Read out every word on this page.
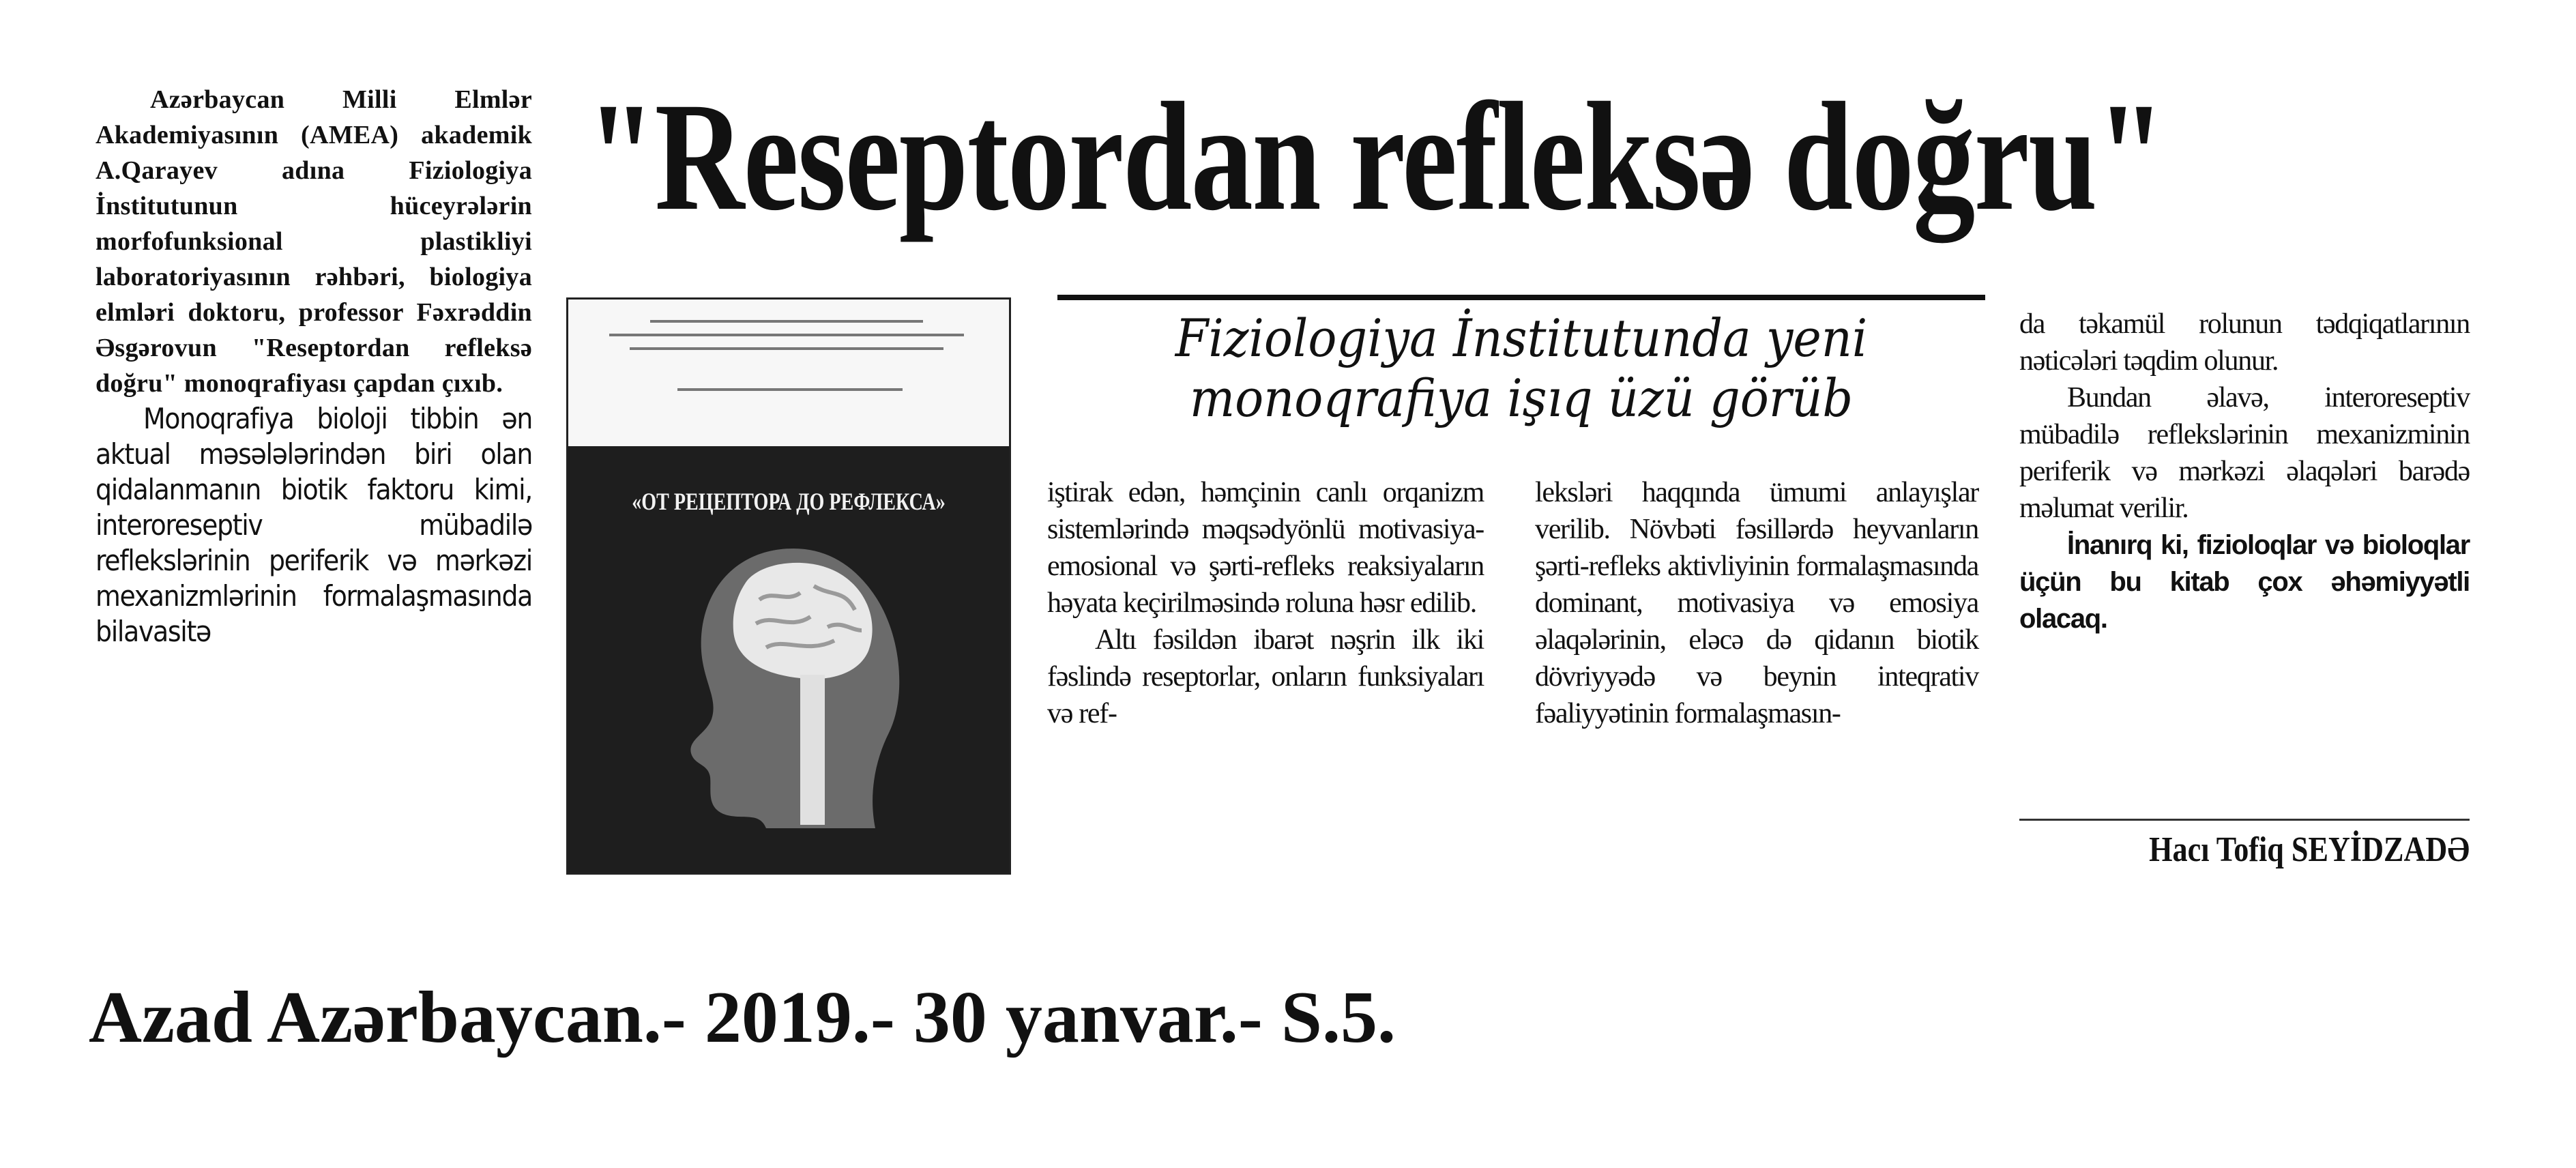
Azərbaycan Milli Elmlər Akademiyasının (AMEA) akademik A.Qarayev adına Fiziologiya İnstitutunun hüceyrələrin morfofunksional plastikliyi laboratoriyasının rəhbəri, biologiya elmləri doktoru, professor Fəxrəddin Əsgərovun "Reseptordan refleksə doğru" monoqrafiyası çapdan çıxıb.

Monoqrafiya bioloji tibbin ən aktual məsələlərindən biri olan qidalanmanın biotik faktoru kimi, interoreseptiv mübadilə reflekslərinin periferik və mərkəzi mexanizmlərinin formalaşmasında bilavasitə

"Reseptordan refleksə doğru"
«ОТ РЕЦЕПТОРА ДО РЕФЛЕКСА»
Fiziologiya İnstitutunda yeni monoqrafiya işıq üzü görüb

iştirak edən, həmçinin canlı orqanizm sistemlərində məqsədyönlü motivasiya-emosional və şərti-refleks reaksiyaların həyata keçirilməsində roluna həsr edilib.

Altı fəsildən ibarət nəşrin ilk iki fəslində reseptorlar, onların funksiyaları və ref-

leksləri haqqında ümumi anlayışlar verilib. Növbəti fəsillərdə heyvanların şərti-refleks aktivliyinin formalaşmasında dominant, motivasiya və emosiya əlaqələrinin, eləcə də qidanın biotik dövriyyədə və beynin inteqrativ fəaliyyətinin formalaşmasın-

da təkamül rolunun tədqiqatlarının nəticələri təqdim olunur.

Bundan əlavə, interoreseptiv mübadilə reflekslərinin mexanizminin periferik və mərkəzi əlaqələri barədə məlumat verilir.

İnanırq ki, fizioloqlar və bioloqlar üçün bu kitab çox əhəmiyyətli olacaq.

Hacı Tofiq SEYİDZADƏ
Azad Azərbaycan.- 2019.- 30 yanvar.- S.5.
